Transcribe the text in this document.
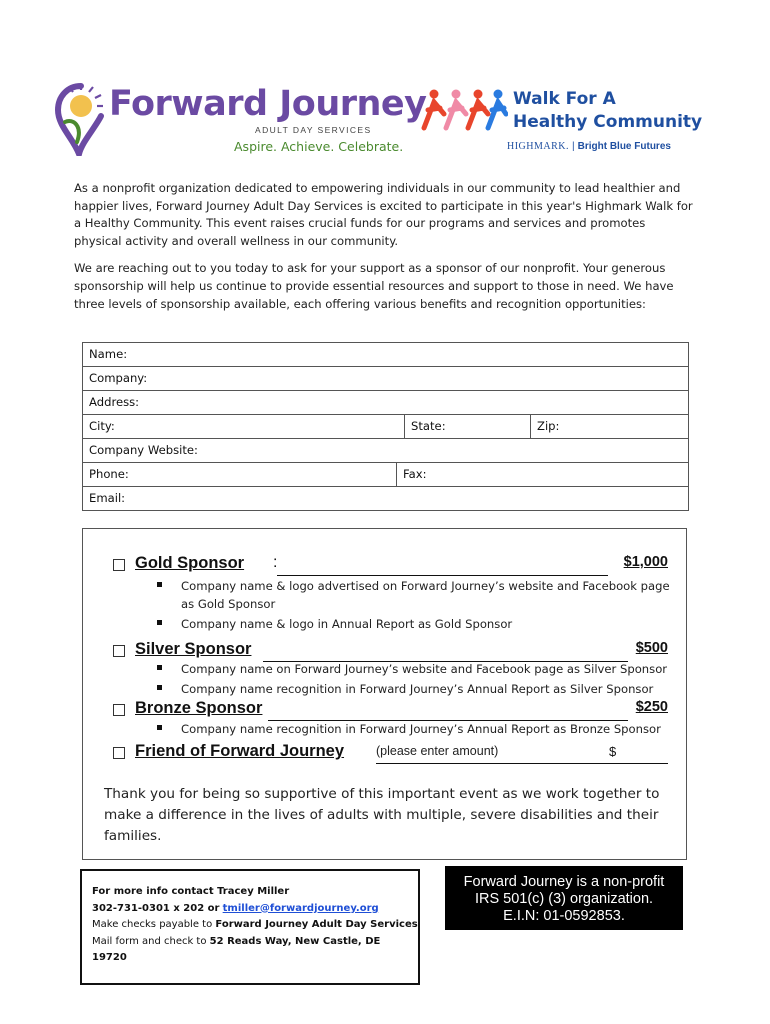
Forward Journey
ADULT DAY SERVICES
Aspire. Achieve. Celebrate.
Walk For A
Healthy Community
HIGHMARK. | Bright Blue Futures

As a nonprofit organization dedicated to empowering individuals in our community to lead healthier and happier lives, Forward Journey Adult Day Services is excited to participate in this year's Highmark Walk for a Healthy Community. This event raises crucial funds for our programs and services and promotes physical activity and overall wellness in our community.

We are reaching out to you today to ask for your support as a sponsor of our nonprofit. Your generous sponsorship will help us continue to provide essential resources and support to those in need. We have three levels of sponsorship available, each offering various benefits and recognition opportunities:

Name:
Company:
Address:
City:	State:	Zip:
Company Website:
Phone:	Fax:
Email:
Gold Sponsor :	$1,000
Company name & logo advertised on Forward Journey’s website and Facebook page as Gold Sponsor
Company name & logo in Annual Report as Gold Sponsor
Silver Sponsor	$500
Company name on Forward Journey’s website and Facebook page as Silver Sponsor
Company name recognition in Forward Journey’s Annual Report as Silver Sponsor
Bronze Sponsor	$250
Company name recognition in Forward Journey’s Annual Report as Bronze Sponsor
Friend of Forward Journey	(please enter amount)	$
Thank you for being so supportive of this important event as we work together to make a difference in the lives of adults with multiple, severe disabilities and their families.
For more info contact Tracey Miller
302-731-0301 x 202 or tmiller@forwardjourney.org
Make checks payable to Forward Journey Adult Day Services
Mail form and check to 52 Reads Way, New Castle, DE 19720
Forward Journey is a non-profit
IRS 501(c) (3) organization.
E.I.N: 01-0592853.
